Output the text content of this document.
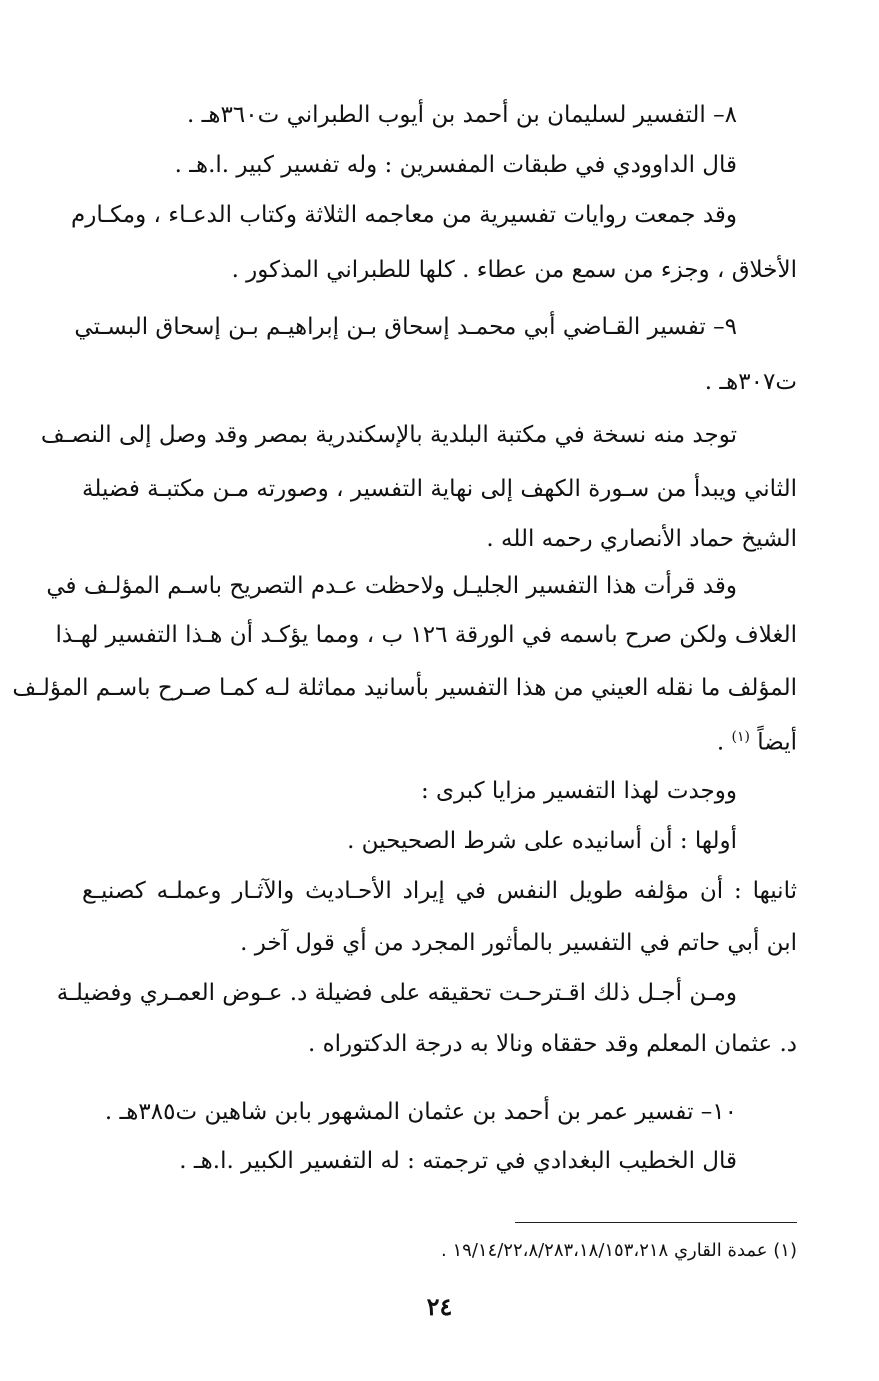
٨– التفسير لسليمان بن أحمد بن أيوب الطبراني ت٣٦٠هـ .
قال الداوودي في طبقات المفسرين : وله تفسير كبير .ا.هـ .
وقد جمعت روايات تفسيرية من معاجمه الثلاثة وكتاب الدعـاء ، ومكـارم
الأخلاق ، وجزء من سمع من عطاء . كلها للطبراني المذكور .
٩– تفسير القـاضي أبي محمـد إسحاق بـن إبراهيـم بـن إسحاق البسـتي
ت٣٠٧هـ .
توجد منه نسخة في مكتبة البلدية بالإسكندرية بمصر وقد وصل إلى النصـف
الثاني ويبدأ من سـورة الكهف إلى نهاية التفسير ، وصورته مـن مكتبـة فضيلة
الشيخ حماد الأنصاري رحمه الله .
وقد قرأت هذا التفسير الجليـل ولاحظت عـدم التصريح باسـم المؤلـف في
الغلاف ولكن صرح باسمه في الورقة ١٢٦ ب ، ومما يؤكـد أن هـذا التفسير لهـذا
المؤلف ما نقله العيني من هذا التفسير بأسانيد مماثلة لـه كمـا صـرح باسـم المؤلـف
أيضاً $^{(١)}$ .
ووجدت لهذا التفسير مزايا كبرى :
أولها : أن أسانيده على شرط الصحيحين .
ثانيها : أن مؤلفه طويل النفس في إيراد الأحـاديث والآثـار وعملـه كصنيـع
ابن أبي حاتم في التفسير بالمأثور المجرد من أي قول آخر .
ومـن أجـل ذلك اقـترحـت تحقيقه على فضيلة د. عـوض العمـري وفضيلـة
د. عثمان المعلم وقد حققاه ونالا به درجة الدكتوراه .
١٠– تفسير عمر بن أحمد بن عثمان المشهور بابن شاهين ت٣٨٥هـ .
قال الخطيب البغدادي في ترجمته : له التفسير الكبير .ا.هـ .
(١) عمدة القاري ١٩/١٤/٢٢،٨/٢٨٣،١٨/١٥٣،٢١٨ .
٢٤
